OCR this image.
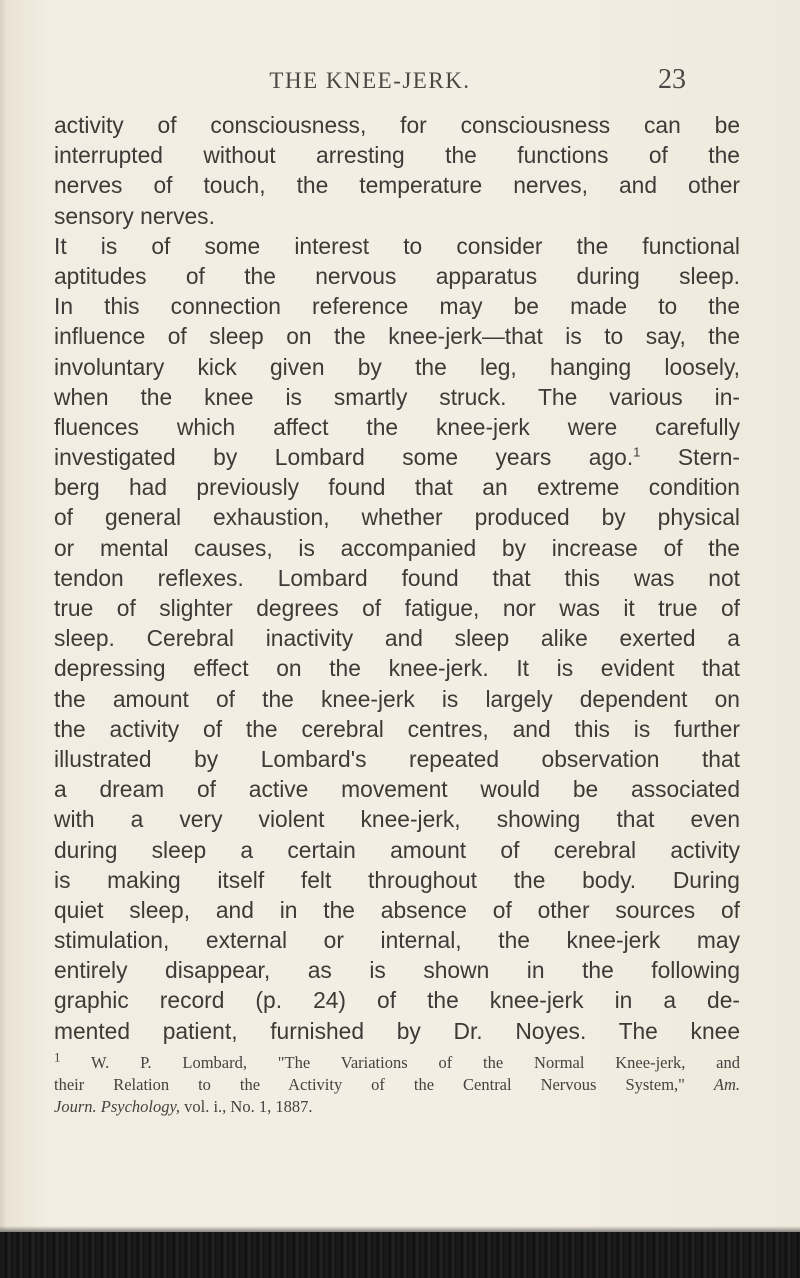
THE KNEE-JERK.	23
activity of consciousness, for consciousness can be
interrupted without arresting the functions of the
nerves of touch, the temperature nerves, and other
sensory nerves.
It is of some interest to consider the functional
aptitudes of the nervous apparatus during sleep.
In this connection reference may be made to the
influence of sleep on the knee-jerk—that is to say, the
involuntary kick given by the leg, hanging loosely,
when the knee is smartly struck. The various in-
fluences which affect the knee-jerk were carefully
investigated by Lombard some years ago.$^1$ Stern-
berg had previously found that an extreme condition
of general exhaustion, whether produced by physical
or mental causes, is accompanied by increase of the
tendon reflexes. Lombard found that this was not
true of slighter degrees of fatigue, nor was it true of
sleep. Cerebral inactivity and sleep alike exerted a
depressing effect on the knee-jerk. It is evident that
the amount of the knee-jerk is largely dependent on
the activity of the cerebral centres, and this is further
illustrated by Lombard's repeated observation that
a dream of active movement would be associated
with a very violent knee-jerk, showing that even
during sleep a certain amount of cerebral activity
is making itself felt throughout the body. During
quiet sleep, and in the absence of other sources of
stimulation, external or internal, the knee-jerk may
entirely disappear, as is shown in the following
graphic record (p. 24) of the knee-jerk in a de-
mented patient, furnished by Dr. Noyes. The knee
$^1$ W. P. Lombard, "The Variations of the Normal Knee-jerk, and
their Relation to the Activity of the Central Nervous System," Am.
Journ. Psychology, vol. i., No. 1, 1887.
